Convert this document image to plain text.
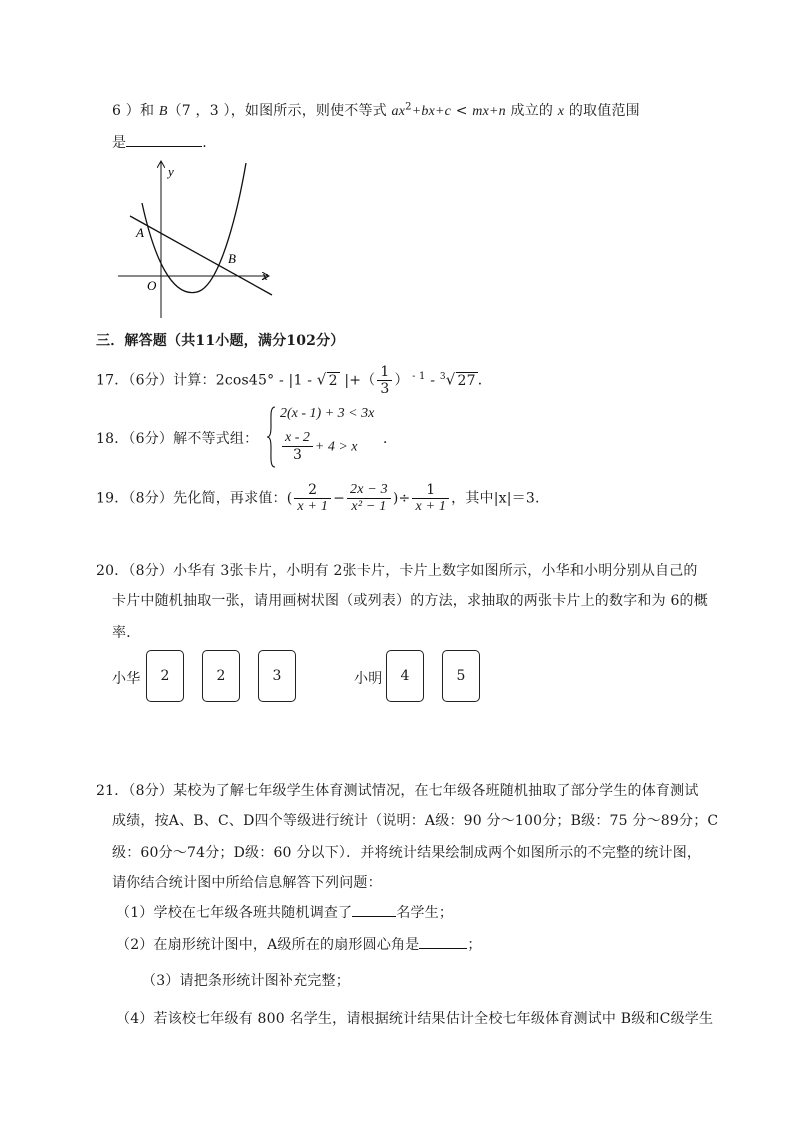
6 ）和 B（7 ，3 ），如图所示，则使不等式 $ax^2+bx+c < mx+n$ 成立的 x 的取值范围
是	.
y
x
A
B
O
三．解答题（共11小题，满分102分）
17．（6分）计算：2cos45° - |1 - √ 2 |+（ $\frac{1}{3}$ ） $^{- 1}$ - $^3$√ 27 ．
18．（6分）解不等式组：
2(x - 1) + 3 < 3x
$\frac{x - 2}{3} + 4 > x$ ．
19．（8分）先化简，再求值：( $\frac{2}{x + 1} - \frac{2x - 3}{\text{x² − 1}}$ )÷ $\frac{1}{x + 1}$ ，其中|x|＝3.
20．（8分）小华有 3张卡片，小明有 2张卡片，卡片上数字如图所示，小华和小明分别从自己的
卡片中随机抽取一张，请用画树状图（或列表）的方法，求抽取的两张卡片上的数字和为 6的概
率．
小华	2	2	3	小明	4	5
21．（8分）某校为了解七年级学生体育测试情况，在七年级各班随机抽取了部分学生的体育测试
成绩，按A、B、C、D四个等级进行统计（说明：A级：90 分～100分；B级：75 分～89分；C
级：60分～74分；D级：60 分以下）．并将统计结果绘制成两个如图所示的不完整的统计图，
请你结合统计图中所给信息解答下列问题：
（1）学校在七年级各班共随机调查了	名学生；
（2）在扇形统计图中，A级所在的扇形圆心角是	；
（3）请把条形统计图补充完整；
（4）若该校七年级有 800 名学生，请根据统计结果估计全校七年级体育测试中 B级和C级学生
